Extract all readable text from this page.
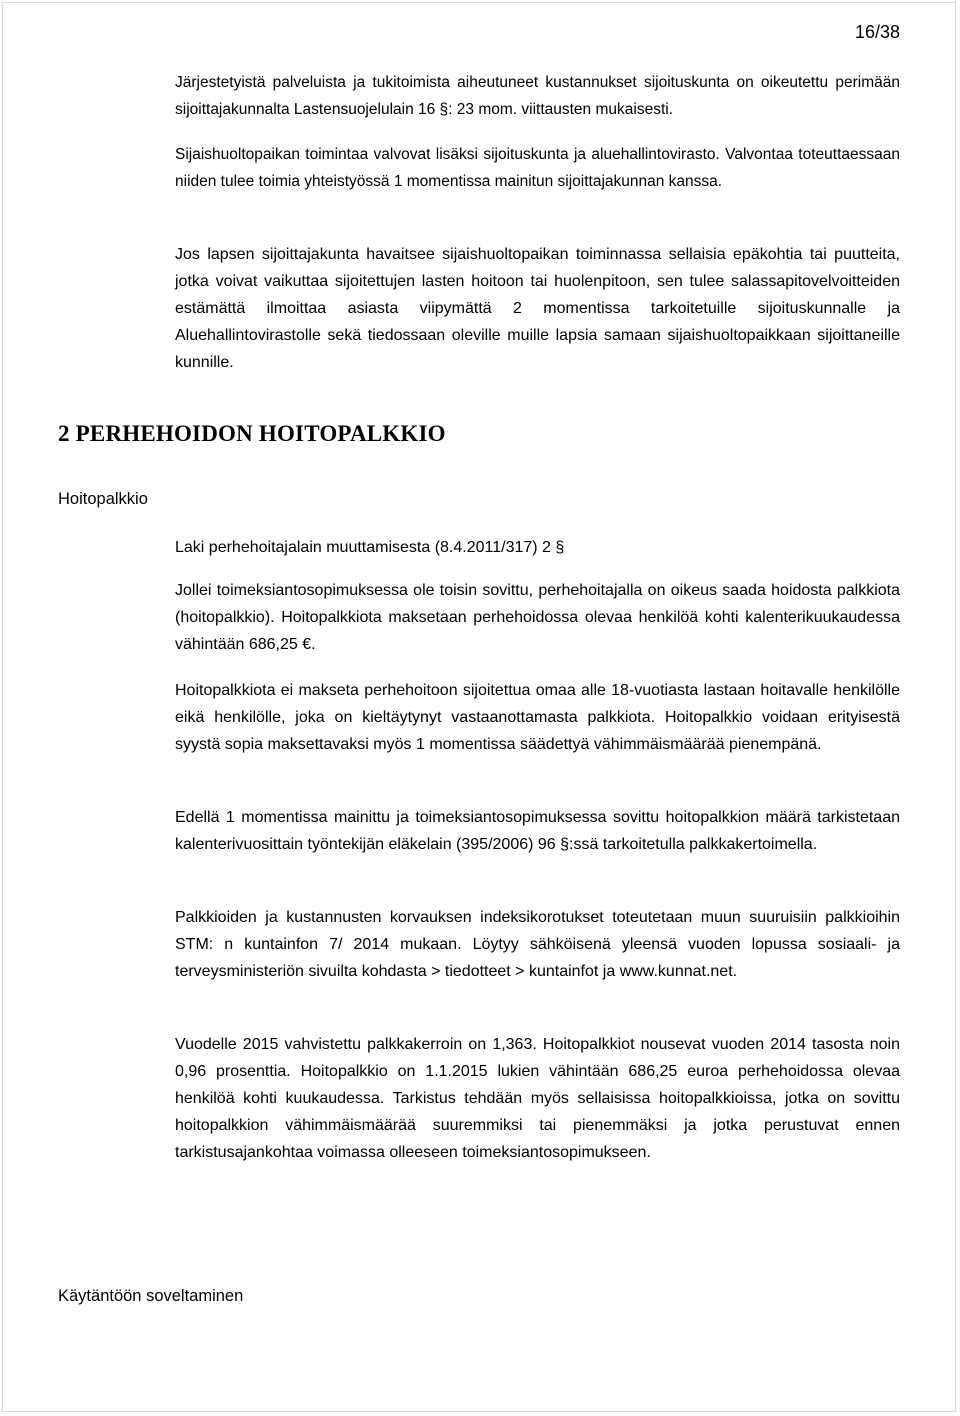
16/38
Järjestetyistä palveluista ja tukitoimista aiheutuneet kustannukset sijoituskunta on oikeutettu perimään sijoittajakunnalta Lastensuojelulain 16 §: 23 mom. viittausten mukaisesti.
Sijaishuoltopaikan toimintaa valvovat lisäksi sijoituskunta ja aluehallintovirasto. Valvontaa toteuttaessaan niiden tulee toimia yhteistyössä 1 momentissa mainitun sijoittajakunnan kanssa.
Jos lapsen sijoittajakunta havaitsee sijaishuoltopaikan toiminnassa sellaisia epäkohtia tai puutteita, jotka voivat vaikuttaa sijoitettujen lasten hoitoon tai huolenpitoon, sen tulee salassapitovelvoitteiden estämättä ilmoittaa asiasta viipymättä 2 momentissa tarkoitetuille sijoituskunnalle ja Aluehallintovirastolle sekä tiedossaan oleville muille lapsia samaan sijaishuoltopaikkaan sijoittaneille kunnille.
2 PERHEHOIDON HOITOPALKKIO
Hoitopalkkio
Laki perhehoitajalain muuttamisesta (8.4.2011/317) 2 §
Jollei toimeksiantosopimuksessa ole toisin sovittu, perhehoitajalla on oikeus saada hoidosta palkkiota (hoitopalkkio). Hoitopalkkiota maksetaan perhehoidossa olevaa henkilöä kohti kalenterikuukaudessa vähintään 686,25 €.
Hoitopalkkiota ei makseta perhehoitoon sijoitettua omaa alle 18-vuotiasta lastaan hoitavalle henkilölle eikä henkilölle, joka on kieltäytynyt vastaanottamasta palkkiota. Hoitopalkkio voidaan erityisestä syystä sopia maksettavaksi myös 1 momentissa säädettyä vähimmäismäärää pienempänä.
Edellä 1 momentissa mainittu ja toimeksiantosopimuksessa sovittu hoitopalkkion määrä tarkistetaan kalenterivuosittain työntekijän eläkelain (395/2006) 96 §:ssä tarkoitetulla palkkakertoimella.
Palkkioiden ja kustannusten korvauksen indeksikorotukset toteutetaan muun suuruisiin palkkioihin STM: n kuntainfon 7/ 2014 mukaan. Löytyy sähköisenä yleensä vuoden lopussa sosiaali- ja terveysministeriön sivuilta kohdasta > tiedotteet > kuntainfot ja www.kunnat.net.
Vuodelle 2015 vahvistettu palkkakerroin on 1,363. Hoitopalkkiot nousevat vuoden 2014 tasosta noin 0,96 prosenttia. Hoitopalkkio on 1.1.2015 lukien vähintään 686,25 euroa perhehoidossa olevaa henkilöä kohti kuukaudessa. Tarkistus tehdään myös sellaisissa hoitopalkkioissa, jotka on sovittu hoitopalkkion vähimmäismäärää suuremmiksi tai pienemmäksi ja jotka perustuvat ennen tarkistusajankohtaa voimassa olleeseen toimeksiantosopimukseen.
Käytäntöön soveltaminen
